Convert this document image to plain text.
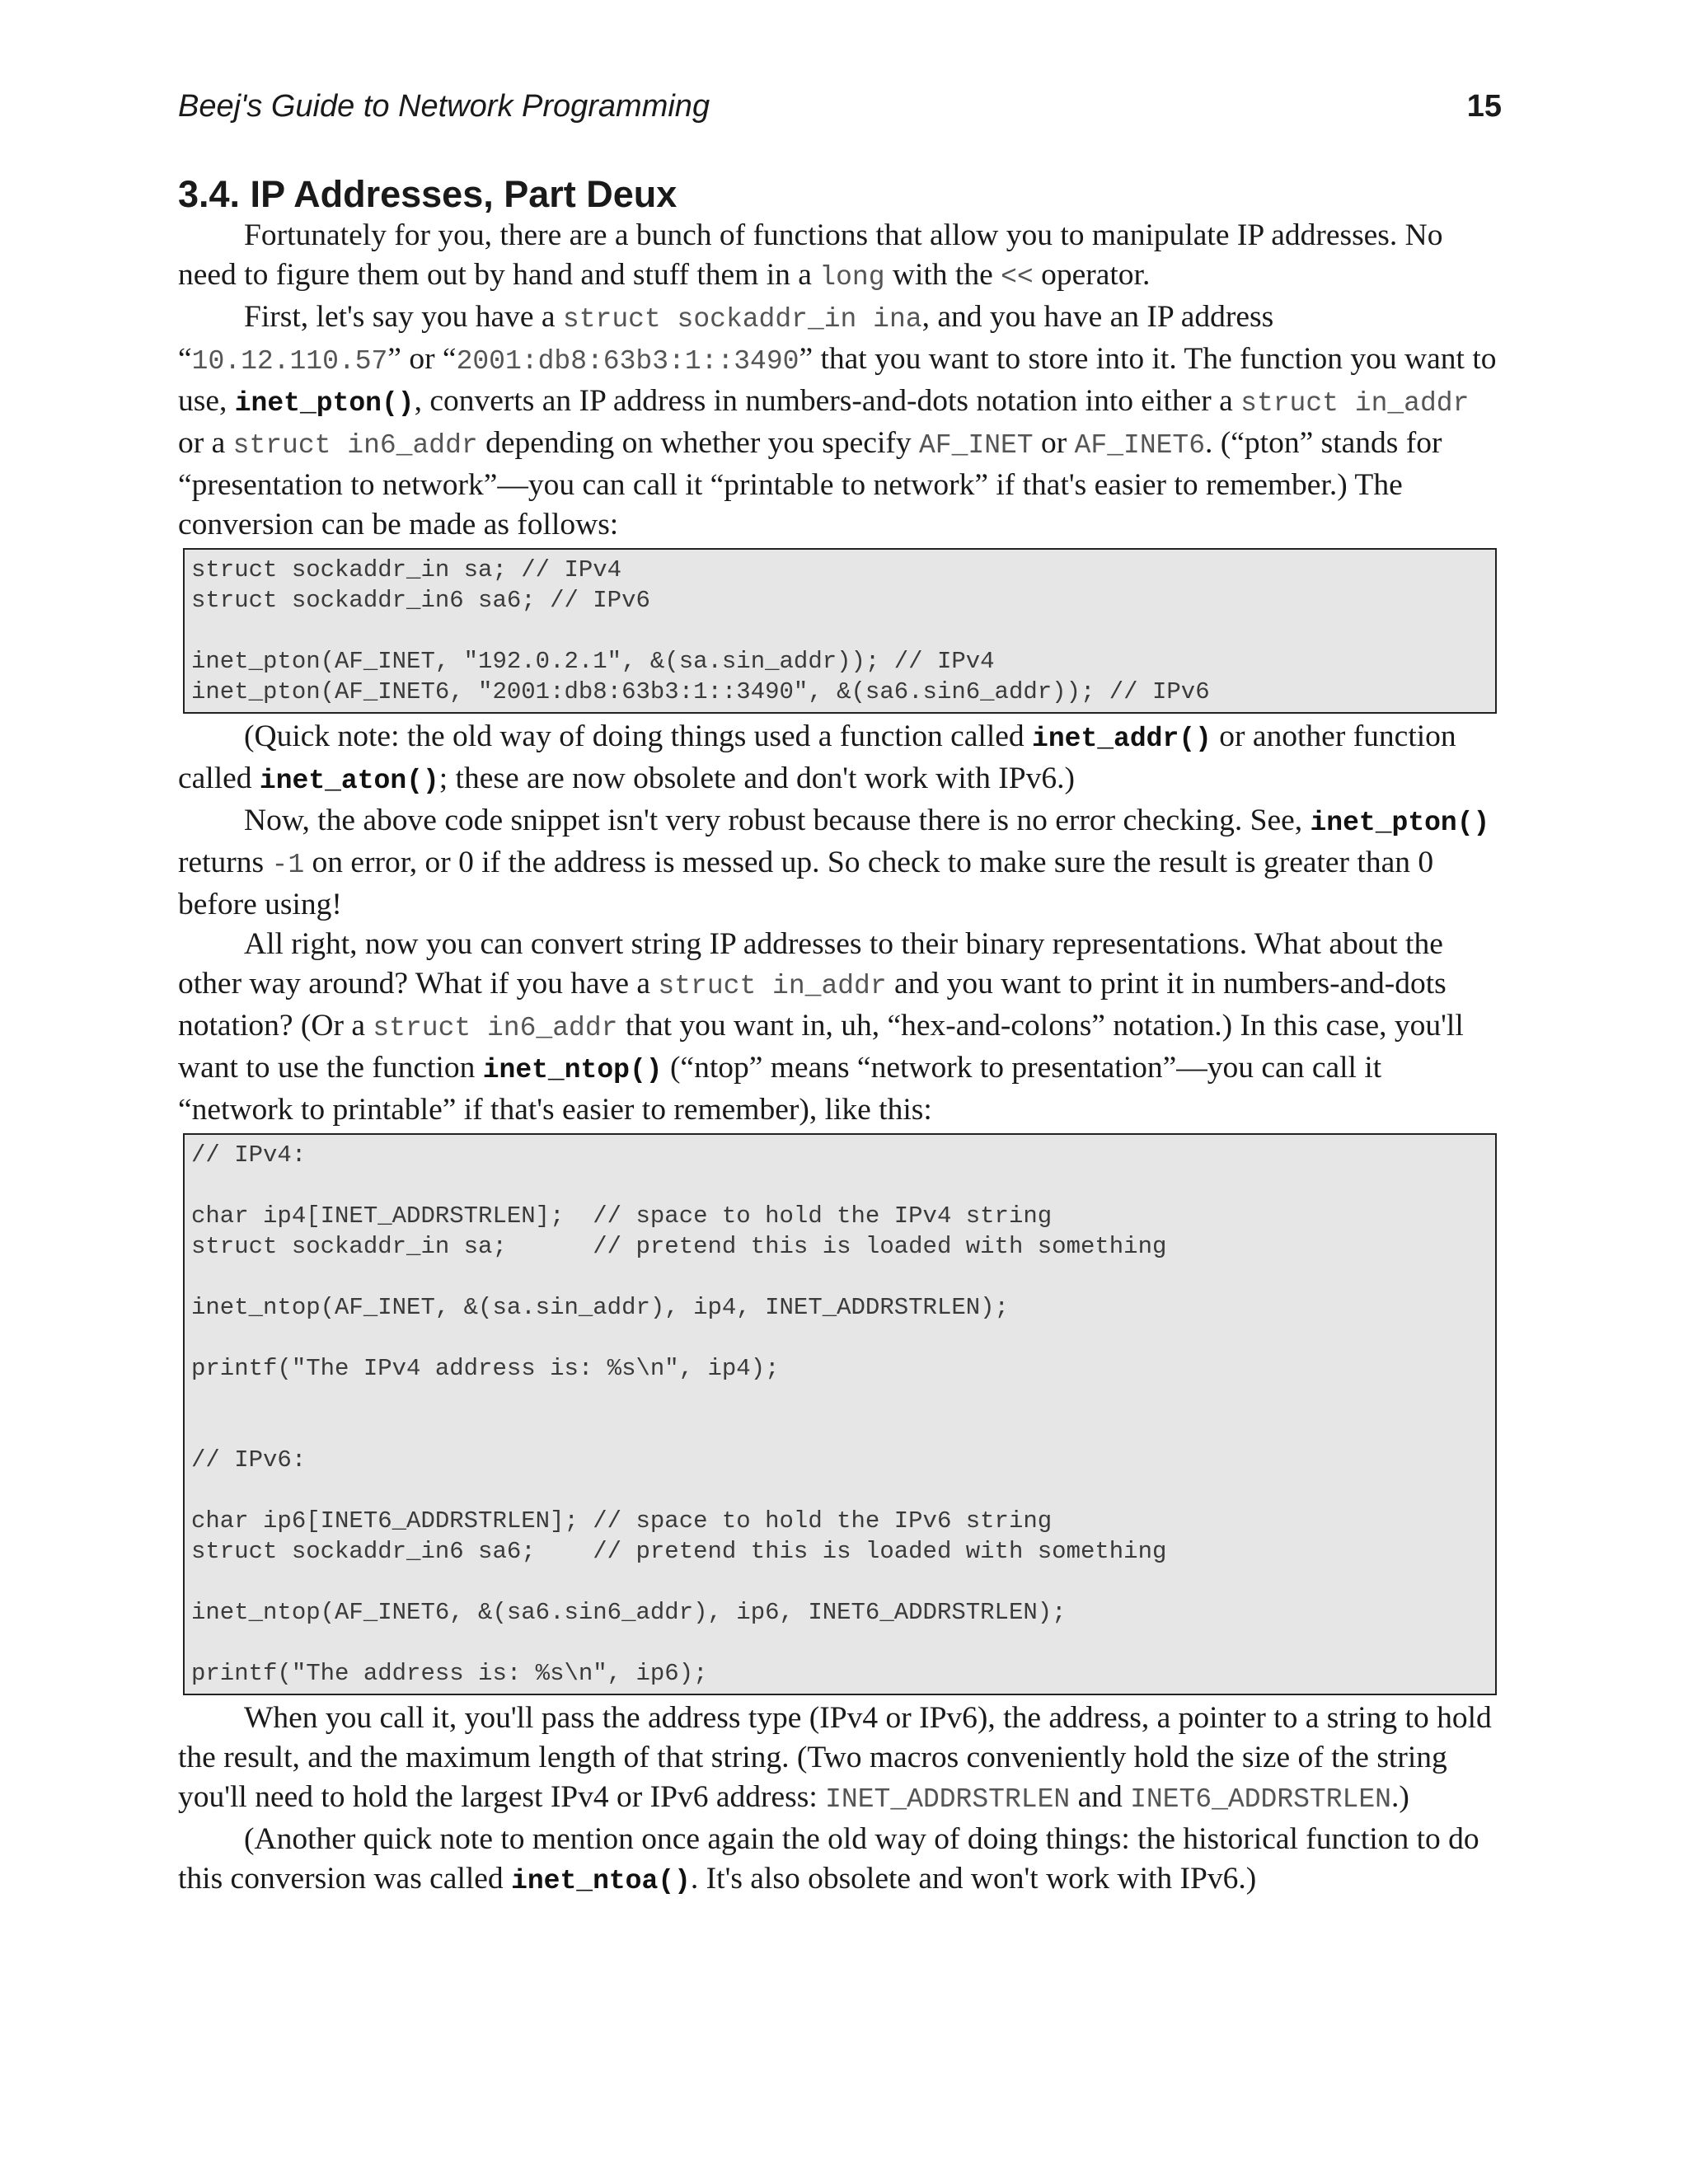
Beej's Guide to Network Programming	15
3.4. IP Addresses, Part Deux

Fortunately for you, there are a bunch of functions that allow you to manipulate IP addresses. No need to figure them out by hand and stuff them in a long with the << operator.

First, let's say you have a struct sockaddr_in ina, and you have an IP address “10.12.110.57” or “2001:db8:63b3:1::3490” that you want to store into it. The function you want to use, inet_pton(), converts an IP address in numbers-and-dots notation into either a struct in_addr or a struct in6_addr depending on whether you specify AF_INET or AF_INET6. (“pton” stands for “presentation to network”—you can call it “printable to network” if that's easier to remember.) The conversion can be made as follows:

struct sockaddr_in sa; // IPv4
struct sockaddr_in6 sa6; // IPv6
inet_pton(AF_INET, "192.0.2.1", &(sa.sin_addr)); // IPv4
inet_pton(AF_INET6, "2001:db8:63b3:1::3490", &(sa6.sin6_addr)); // IPv6

(Quick note: the old way of doing things used a function called inet_addr() or another function called inet_aton(); these are now obsolete and don't work with IPv6.)

Now, the above code snippet isn't very robust because there is no error checking. See, inet_pton() returns -1 on error, or 0 if the address is messed up. So check to make sure the result is greater than 0 before using!

All right, now you can convert string IP addresses to their binary representations. What about the other way around? What if you have a struct in_addr and you want to print it in numbers-and-dots notation? (Or a struct in6_addr that you want in, uh, “hex-and-colons” notation.) In this case, you'll want to use the function inet_ntop() (“ntop” means “network to presentation”—you can call it “network to printable” if that's easier to remember), like this:

// IPv4:
char ip4[INET_ADDRSTRLEN];  // space to hold the IPv4 string
struct sockaddr_in sa;      // pretend this is loaded with something
inet_ntop(AF_INET, &(sa.sin_addr), ip4, INET_ADDRSTRLEN);
printf("The IPv4 address is: %s\n", ip4);
// IPv6:
char ip6[INET6_ADDRSTRLEN]; // space to hold the IPv6 string
struct sockaddr_in6 sa6;    // pretend this is loaded with something
inet_ntop(AF_INET6, &(sa6.sin6_addr), ip6, INET6_ADDRSTRLEN);
printf("The address is: %s\n", ip6);

When you call it, you'll pass the address type (IPv4 or IPv6), the address, a pointer to a string to hold the result, and the maximum length of that string. (Two macros conveniently hold the size of the string you'll need to hold the largest IPv4 or IPv6 address: INET_ADDRSTRLEN and INET6_ADDRSTRLEN.)

(Another quick note to mention once again the old way of doing things: the historical function to do this conversion was called inet_ntoa(). It's also obsolete and won't work with IPv6.)
